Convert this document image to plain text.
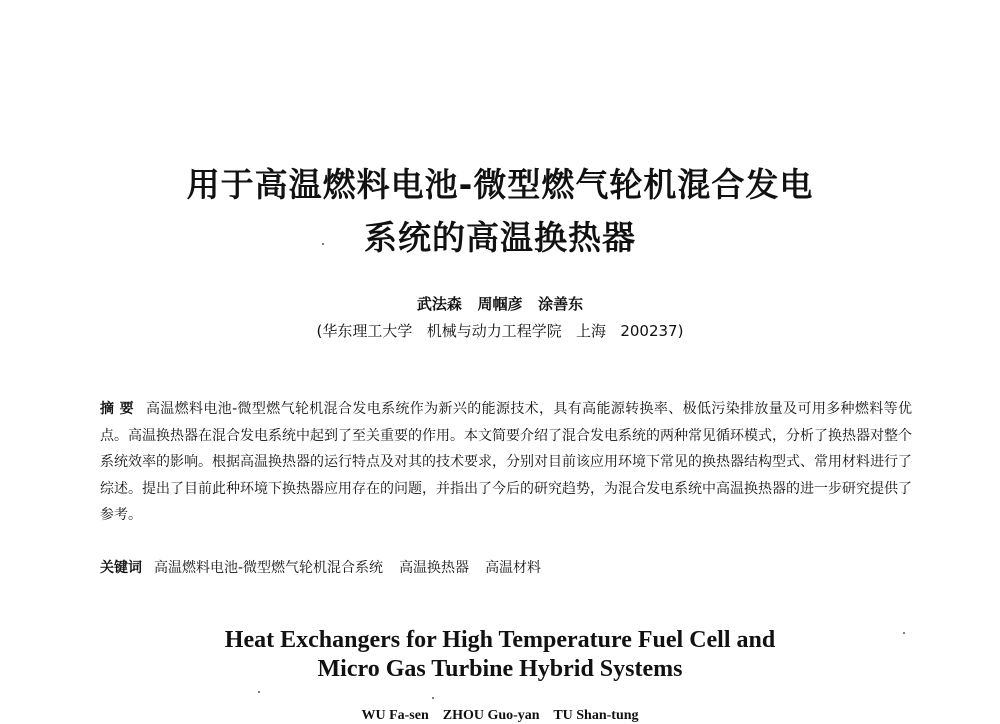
用于高温燃料电池-微型燃气轮机混合发电
系统的高温换热器
武法森   周帼彦   涂善东
(华东理工大学   机械与动力工程学院   上海   200237)
摘 要 高温燃料电池-微型燃气轮机混合发电系统作为新兴的能源技术，具有高能源转换率、极低污染排放量及可用多种燃料等优点。高温换热器在混合发电系统中起到了至关重要的作用。本文简要介绍了混合发电系统的两种常见循环模式，分析了换热器对整个系统效率的影响。根据高温换热器的运行特点及对其的技术要求，分别对目前该应用环境下常见的换热器结构型式、常用材料进行了综述。提出了目前此种环境下换热器应用存在的问题，并指出了今后的研究趋势，为混合发电系统中高温换热器的进一步研究提供了参考。
关键词 高温燃料电池-微型燃气轮机混合系统 高温换热器 高温材料
Heat Exchangers for High Temperature Fuel Cell and
Micro Gas Turbine Hybrid Systems
WU Fa-sen    ZHOU Guo-yan    TU Shan-tung
